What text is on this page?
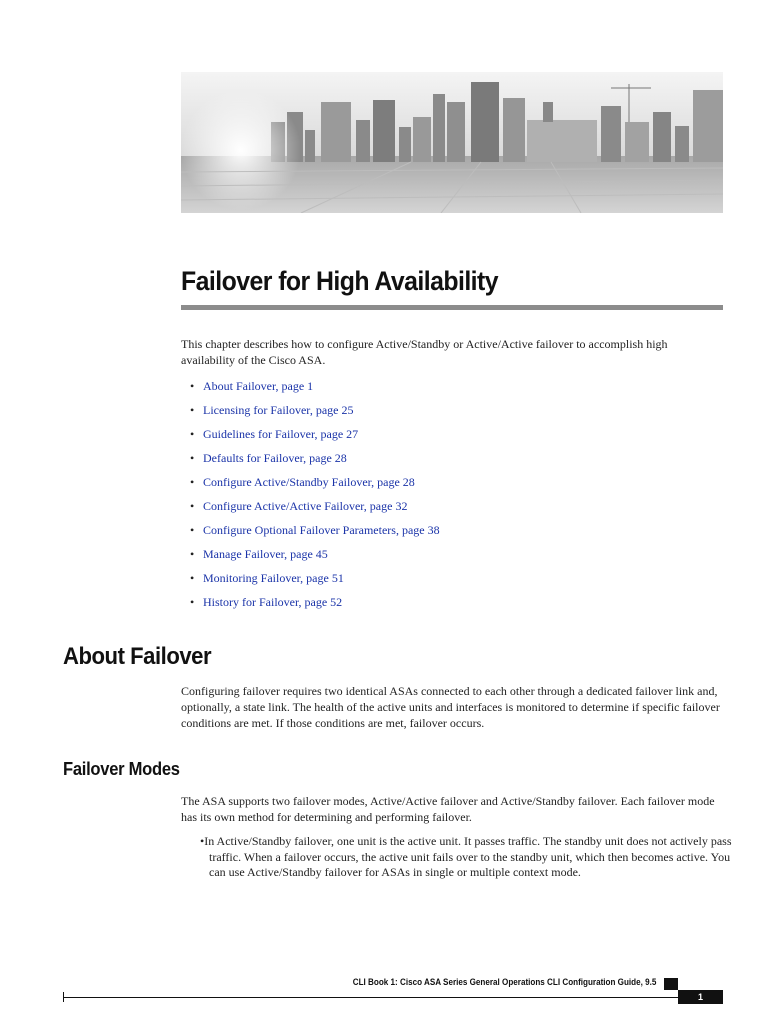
Failover for High Availability

This chapter describes how to configure Active/Standby or Active/Active failover to accomplish high availability of the Cisco ASA.

• About Failover, page 1
• Licensing for Failover, page 25
• Guidelines for Failover, page 27
• Defaults for Failover, page 28
• Configure Active/Standby Failover, page 28
• Configure Active/Active Failover, page 32
• Configure Optional Failover Parameters, page 38
• Manage Failover, page 45
• Monitoring Failover, page 51
• History for Failover, page 52
About Failover

Configuring failover requires two identical ASAs connected to each other through a dedicated failover link and, optionally, a state link. The health of the active units and interfaces is monitored to determine if specific failover conditions are met. If those conditions are met, failover occurs.

Failover Modes

The ASA supports two failover modes, Active/Active failover and Active/Standby failover. Each failover mode has its own method for determining and performing failover.

•In Active/Standby failover, one unit is the active unit. It passes traffic. The standby unit does not actively pass traffic. When a failover occurs, the active unit fails over to the standby unit, which then becomes active. You can use Active/Standby failover for ASAs in single or multiple context mode.

CLI Book 1: Cisco ASA Series General Operations CLI Configuration Guide, 9.5

1
